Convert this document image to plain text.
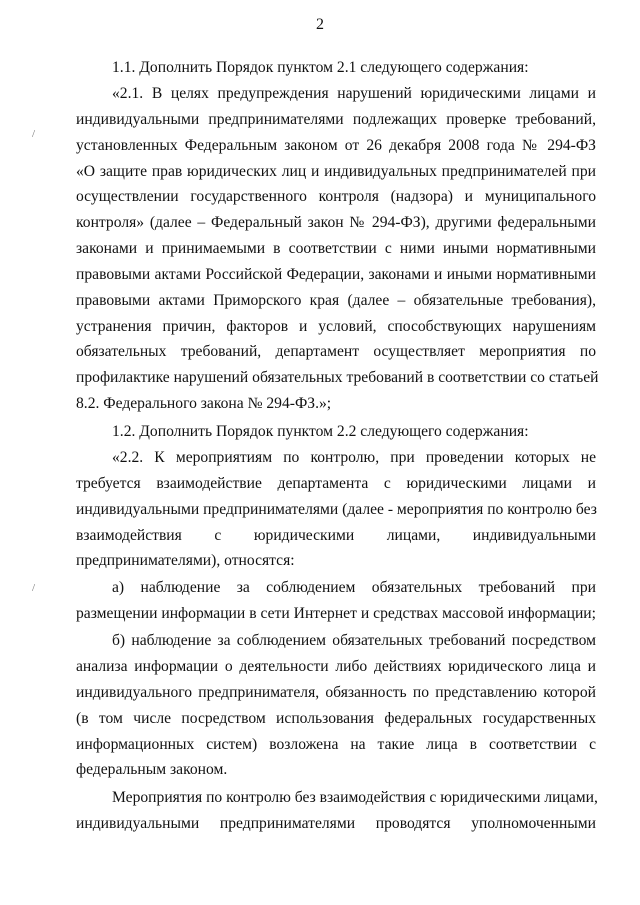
2
/
/
1.1. Дополнить Порядок пунктом 2.1 следующего содержания:
«2.1. В целях предупреждения нарушений юридическими лицами и
индивидуальными предпринимателями подлежащих проверке требований,
установленных Федеральным законом от 26 декабря 2008 года № 294-ФЗ
«О защите прав юридических лиц и индивидуальных предпринимателей при
осуществлении государственного контроля (надзора) и муниципального
контроля» (далее – Федеральный закон № 294-ФЗ), другими федеральными
законами и принимаемыми в соответствии с ними иными нормативными
правовыми актами Российской Федерации, законами и иными нормативными
правовыми актами Приморского края (далее – обязательные требования),
устранения причин, факторов и условий, способствующих нарушениям
обязательных требований, департамент осуществляет мероприятия по
профилактике нарушений обязательных требований в соответствии со статьей
8.2. Федерального закона № 294-ФЗ.»;
1.2. Дополнить Порядок пунктом 2.2 следующего содержания:
«2.2. К мероприятиям по контролю, при проведении которых не
требуется взаимодействие департамента с юридическими лицами и
индивидуальными предпринимателями (далее - мероприятия по контролю без
взаимодействия с юридическими лицами, индивидуальными
предпринимателями), относятся:
а) наблюдение за соблюдением обязательных требований при
размещении информации в сети Интернет и средствах массовой информации;
б) наблюдение за соблюдением обязательных требований посредством
анализа информации о деятельности либо действиях юридического лица и
индивидуального предпринимателя, обязанность по представлению которой
(в том числе посредством использования федеральных государственных
информационных систем) возложена на такие лица в соответствии с
федеральным законом.
Мероприятия по контролю без взаимодействия с юридическими лицами,
индивидуальными предпринимателями проводятся уполномоченными
